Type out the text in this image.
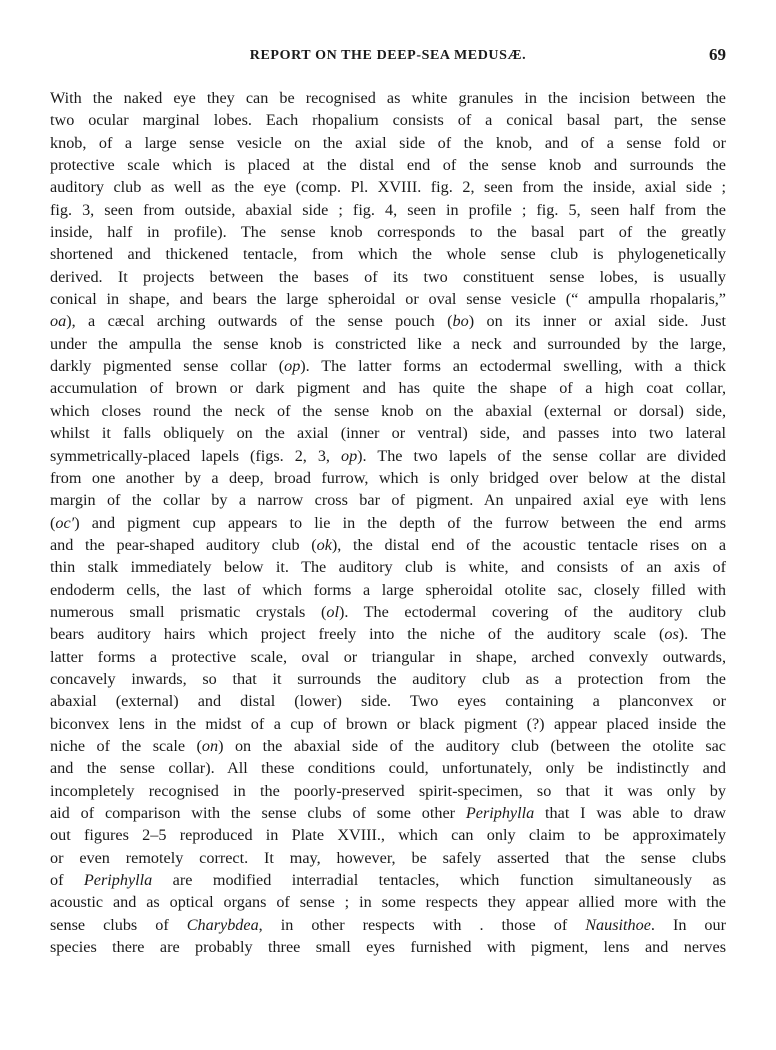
REPORT ON THE DEEP-SEA MEDUSÆ.	69
With the naked eye they can be recognised as white granules in the incision between the
two ocular marginal lobes. Each rhopalium consists of a conical basal part, the sense
knob, of a large sense vesicle on the axial side of the knob, and of a sense fold or
protective scale which is placed at the distal end of the sense knob and surrounds the
auditory club as well as the eye (comp. Pl. XVIII. fig. 2, seen from the inside, axial side ;
fig. 3, seen from outside, abaxial side ; fig. 4, seen in profile ; fig. 5, seen half from the
inside, half in profile). The sense knob corresponds to the basal part of the greatly
shortened and thickened tentacle, from which the whole sense club is phylogenetically
derived. It projects between the bases of its two constituent sense lobes, is usually
conical in shape, and bears the large spheroidal or oval sense vesicle (“ ampulla rhopalaris,”
oa), a cæcal arching outwards of the sense pouch (bo) on its inner or axial side. Just
under the ampulla the sense knob is constricted like a neck and surrounded by the large,
darkly pigmented sense collar (op). The latter forms an ectodermal swelling, with a thick
accumulation of brown or dark pigment and has quite the shape of a high coat collar,
which closes round the neck of the sense knob on the abaxial (external or dorsal) side,
whilst it falls obliquely on the axial (inner or ventral) side, and passes into two lateral
symmetrically-placed lapels (figs. 2, 3, op). The two lapels of the sense collar are divided
from one another by a deep, broad furrow, which is only bridged over below at the distal
margin of the collar by a narrow cross bar of pigment. An unpaired axial eye with lens
(oc′) and pigment cup appears to lie in the depth of the furrow between the end arms
and the pear-shaped auditory club (ok), the distal end of the acoustic tentacle rises on a
thin stalk immediately below it. The auditory club is white, and consists of an axis of
endoderm cells, the last of which forms a large spheroidal otolite sac, closely filled with
numerous small prismatic crystals (ol). The ectodermal covering of the auditory club
bears auditory hairs which project freely into the niche of the auditory scale (os). The
latter forms a protective scale, oval or triangular in shape, arched convexly outwards,
concavely inwards, so that it surrounds the auditory club as a protection from the
abaxial (external) and distal (lower) side. Two eyes containing a planconvex or
biconvex lens in the midst of a cup of brown or black pigment (?) appear placed inside the
niche of the scale (on) on the abaxial side of the auditory club (between the otolite sac
and the sense collar). All these conditions could, unfortunately, only be indistinctly and
incompletely recognised in the poorly-preserved spirit-specimen, so that it was only by
aid of comparison with the sense clubs of some other Periphylla that I was able to draw
out figures 2–5 reproduced in Plate XVIII., which can only claim to be approximately
or even remotely correct. It may, however, be safely asserted that the sense clubs
of Periphylla are modified interradial tentacles, which function simultaneously as
acoustic and as optical organs of sense ; in some respects they appear allied more with the
sense clubs of Charybdea, in other respects with . those of Nausithoe. In our
species there are probably three small eyes furnished with pigment, lens and nerves
